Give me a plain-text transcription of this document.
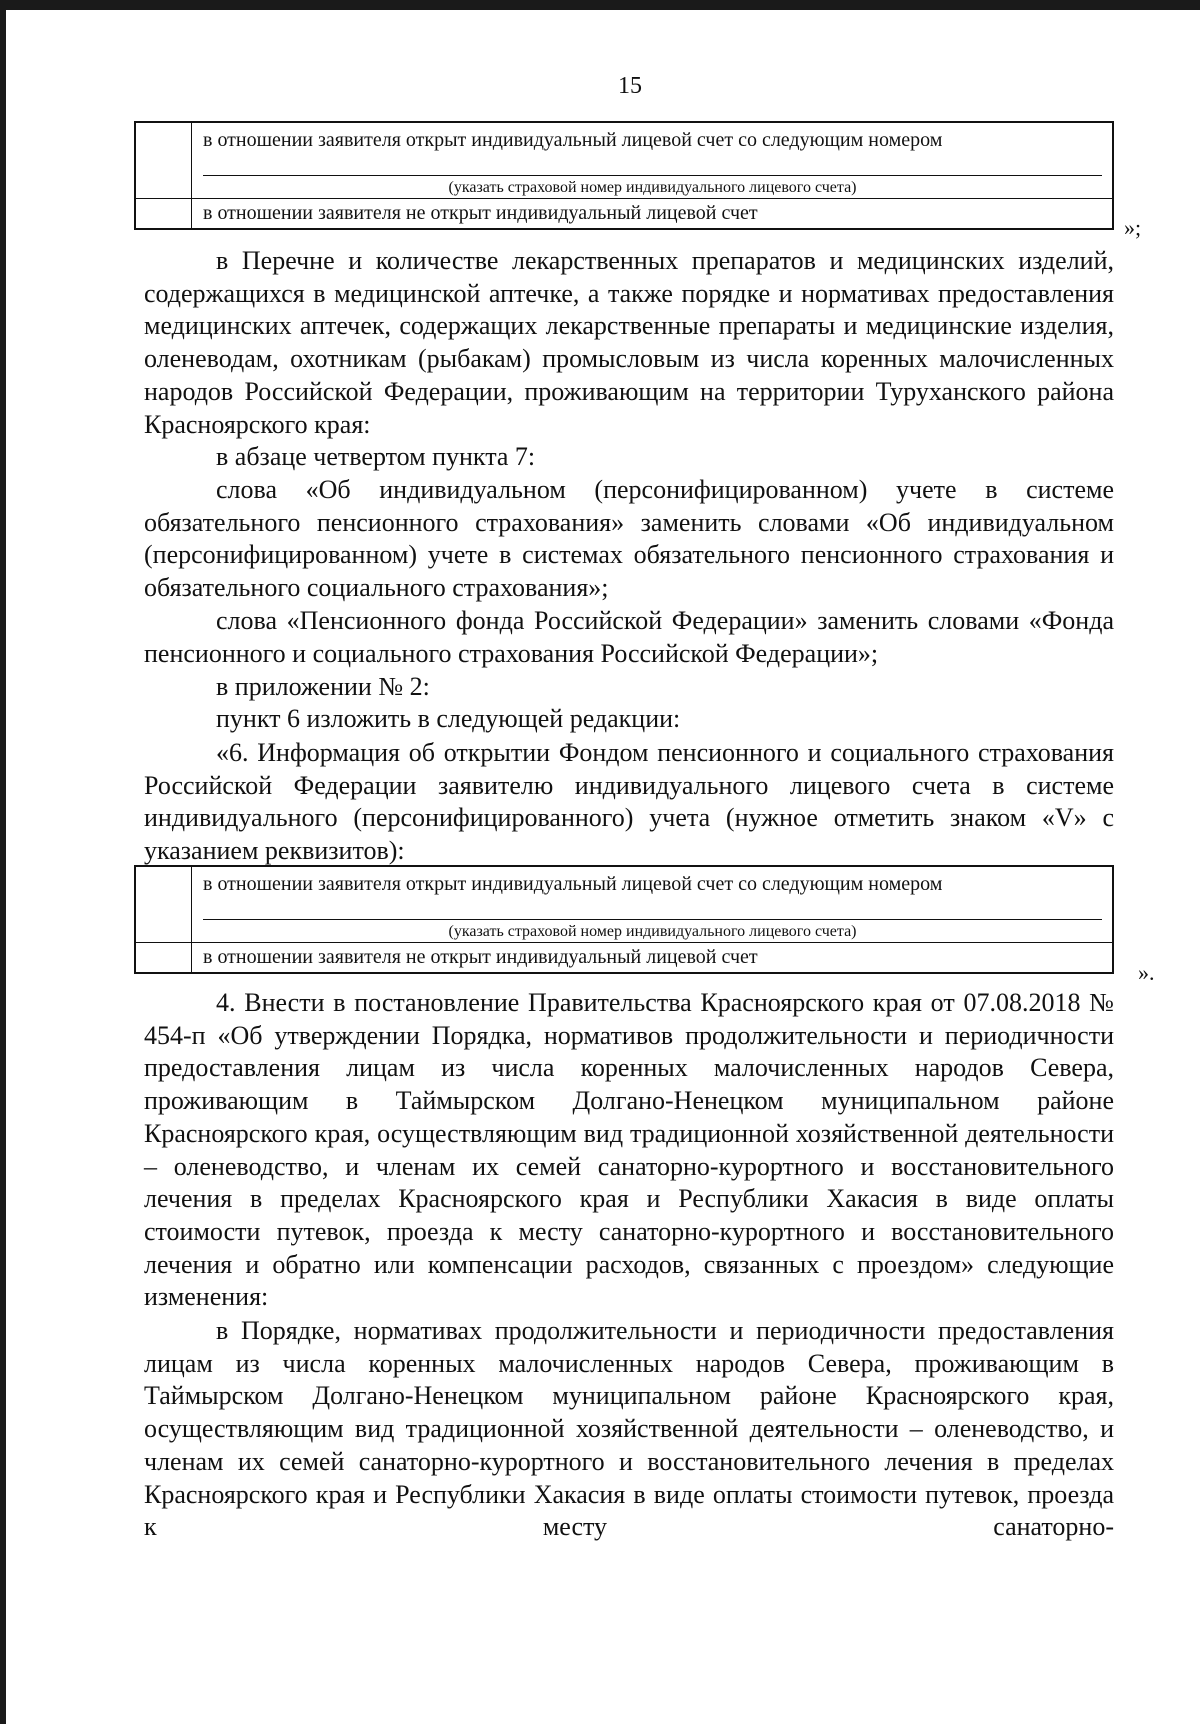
15
в отношении заявителя открыт индивидуальный лицевой счет со следующим номером
(указать страховой номер индивидуального лицевого счета)
в отношении заявителя не открыт индивидуальный лицевой счет
»;

в Перечне и количестве лекарственных препаратов и медицинских изделий, содержащихся в медицинской аптечке, а также порядке и нормативах предоставления медицинских аптечек, содержащих лекарственные препараты и медицинские изделия, оленеводам, охотникам (рыбакам) промысловым из числа коренных малочисленных народов Российской Федерации, проживающим на территории Туруханского района Красноярского края:

в абзаце четвертом пункта 7:

слова «Об индивидуальном (персонифицированном) учете в системе обязательного пенсионного страхования» заменить словами «Об индивидуальном (персонифицированном) учете в системах обязательного пенсионного страхования и обязательного социального страхования»;

слова «Пенсионного фонда Российской Федерации» заменить словами «Фонда пенсионного и социального страхования Российской Федерации»;

в приложении № 2:

пункт 6 изложить в следующей редакции:

«6. Информация об открытии Фондом пенсионного и социального страхования Российской Федерации заявителю индивидуального лицевого счета в системе индивидуального (персонифицированного) учета (нужное отметить знаком «V» с указанием реквизитов):

в отношении заявителя открыт индивидуальный лицевой счет со следующим номером
(указать страховой номер индивидуального лицевого счета)
в отношении заявителя не открыт индивидуальный лицевой счет
».

4. Внести в постановление Правительства Красноярского края от 07.08.2018 № 454-п «Об утверждении Порядка, нормативов продолжительности и периодичности предоставления лицам из числа коренных малочисленных народов Севера, проживающим в Таймырском Долгано-Ненецком муниципальном районе Красноярского края, осуществляющим вид традиционной хозяйственной деятельности – оленеводство, и членам их семей санаторно-курортного и восстановительного лечения в пределах Красноярского края и Республики Хакасия в виде оплаты стоимости путевок, проезда к месту санаторно-курортного и восстановительного лечения и обратно или компенсации расходов, связанных с проездом» следующие изменения:

в Порядке, нормативах продолжительности и периодичности предоставления лицам из числа коренных малочисленных народов Севера, проживающим в Таймырском Долгано-Ненецком муниципальном районе Красноярского края, осуществляющим вид традиционной хозяйственной деятельности – оленеводство, и членам их семей санаторно-курортного и восстановительного лечения в пределах Красноярского края и Республики Хакасия в виде оплаты стоимости путевок, проезда к месту санаторно-
